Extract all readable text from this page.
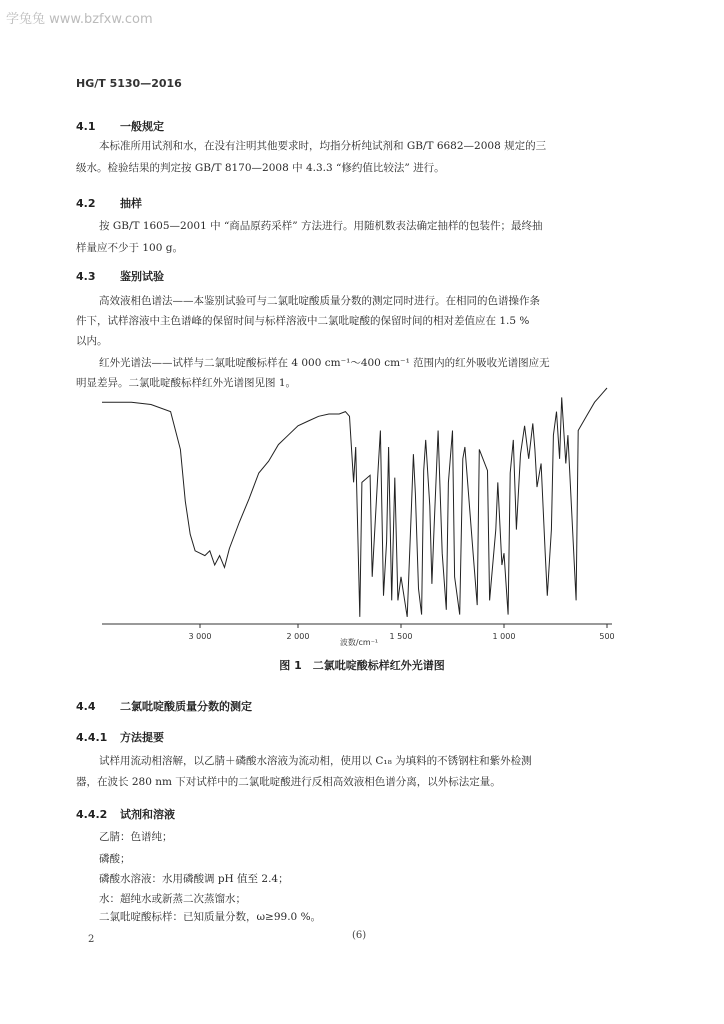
学兔兔 www.bzfxw.com
HG/T 5130—2016
4.1 一般规定
本标准所用试剂和水，在没有注明其他要求时，均指分析纯试剂和 GB/T 6682—2008 规定的三
级水。检验结果的判定按 GB/T 8170—2008 中 4.3.3 “修约值比较法” 进行。
4.2 抽样
按 GB/T 1605—2001 中 “商品原药采样” 方法进行。用随机数表法确定抽样的包装件；最终抽
样量应不少于 100 g。
4.3 鉴别试验
高效液相色谱法——本鉴别试验可与二氯吡啶酸质量分数的测定同时进行。在相同的色谱操作条
件下，试样溶液中主色谱峰的保留时间与标样溶液中二氯吡啶酸的保留时间的相对差值应在 1.5 %
以内。
红外光谱法——试样与二氯吡啶酸标样在 4 000 cm⁻¹～400 cm⁻¹ 范围内的红外吸收光谱图应无
明显差异。二氯吡啶酸标样红外光谱图见图 1。
3 000	2 000	1 500	1 000	500
波数/cm⁻¹
图 1　二氯吡啶酸标样红外光谱图
4.4 二氯吡啶酸质量分数的测定
4.4.1 方法提要
试样用流动相溶解，以乙腈＋磷酸水溶液为流动相，使用以 C₁₈ 为填料的不锈钢柱和紫外检测
器，在波长 280 nm 下对试样中的二氯吡啶酸进行反相高效液相色谱分离，以外标法定量。
4.4.2 试剂和溶液
乙腈：色谱纯；
磷酸；
磷酸水溶液：水用磷酸调 pH 值至 2.4；
水：超纯水或新蒸二次蒸馏水；
二氯吡啶酸标样：已知质量分数，ω≥99.0 %。
2	(6)
